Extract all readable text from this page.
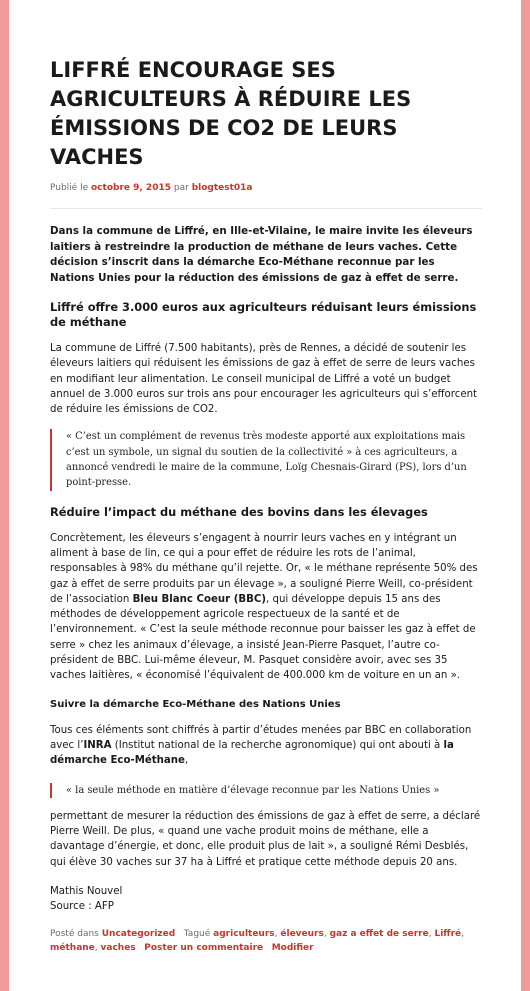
LIFFRÉ ENCOURAGE SES AGRICULTEURS À RÉDUIRE LES ÉMISSIONS DE CO2 DE LEURS VACHES
Publié le octobre 9, 2015 par blogtest01a

Dans la commune de Liffré, en Ille-et-Vilaine, le maire invite les éleveurs laitiers à restreindre la production de méthane de leurs vaches. Cette décision s’inscrit dans la démarche Eco-Méthane reconnue par les Nations Unies pour la réduction des émissions de gaz à effet de serre.

Liffré offre 3.000 euros aux agriculteurs réduisant leurs émissions de méthane

La commune de Liffré (7.500 habitants), près de Rennes, a décidé de soutenir les éleveurs laitiers qui réduisent les émissions de gaz à effet de serre de leurs vaches en modifiant leur alimentation. Le conseil municipal de Liffré a voté un budget annuel de 3.000 euros sur trois ans pour encourager les agriculteurs qui s’efforcent de réduire les émissions de CO2.

« C’est un complément de revenus très modeste apporté aux exploitations mais c’est un symbole, un signal du soutien de la collectivité » à ces agriculteurs, a annoncé vendredi le maire de la commune, Loïg Chesnais-Girard (PS), lors d’un point-presse.
Réduire l’impact du méthane des bovins dans les élevages

Concrètement, les éleveurs s’engagent à nourrir leurs vaches en y intégrant un aliment à base de lin, ce qui a pour effet de réduire les rots de l’animal, responsables à 98% du méthane qu’il rejette. Or, « le méthane représente 50% des gaz à effet de serre produits par un élevage », a souligné Pierre Weill, co-président de l’association Bleu Blanc Coeur (BBC), qui développe depuis 15 ans des méthodes de développement agricole respectueux de la santé et de l’environnement. « C’est la seule méthode reconnue pour baisser les gaz à effet de serre » chez les animaux d’élevage, a insisté Jean-Pierre Pasquet, l’autre co-président de BBC. Lui-même éleveur, M. Pasquet considère avoir, avec ses 35 vaches laitières, « économisé l’équivalent de 400.000 km de voiture en un an ».

Suivre la démarche Eco-Méthane des Nations Unies

Tous ces éléments sont chiffrés à partir d’études menées par BBC en collaboration avec l’INRA (Institut national de la recherche agronomique) qui ont abouti à la démarche Eco-Méthane,

« la seule méthode en matière d’élevage reconnue par les Nations Unies »

permettant de mesurer la réduction des émissions de gaz à effet de serre, a déclaré Pierre Weill. De plus, « quand une vache produit moins de méthane, elle a davantage d’énergie, et donc, elle produit plus de lait », a souligné Rémi Desblés, qui élève 30 vaches sur 37 ha à Liffré et pratique cette méthode depuis 20 ans.

Mathis Nouvel
Source : AFP

Posté dans Uncategorized Tagué agriculteurs, éleveurs, gaz a effet de serre, Liffré, méthane, vaches Poster un commentaire Modifier
